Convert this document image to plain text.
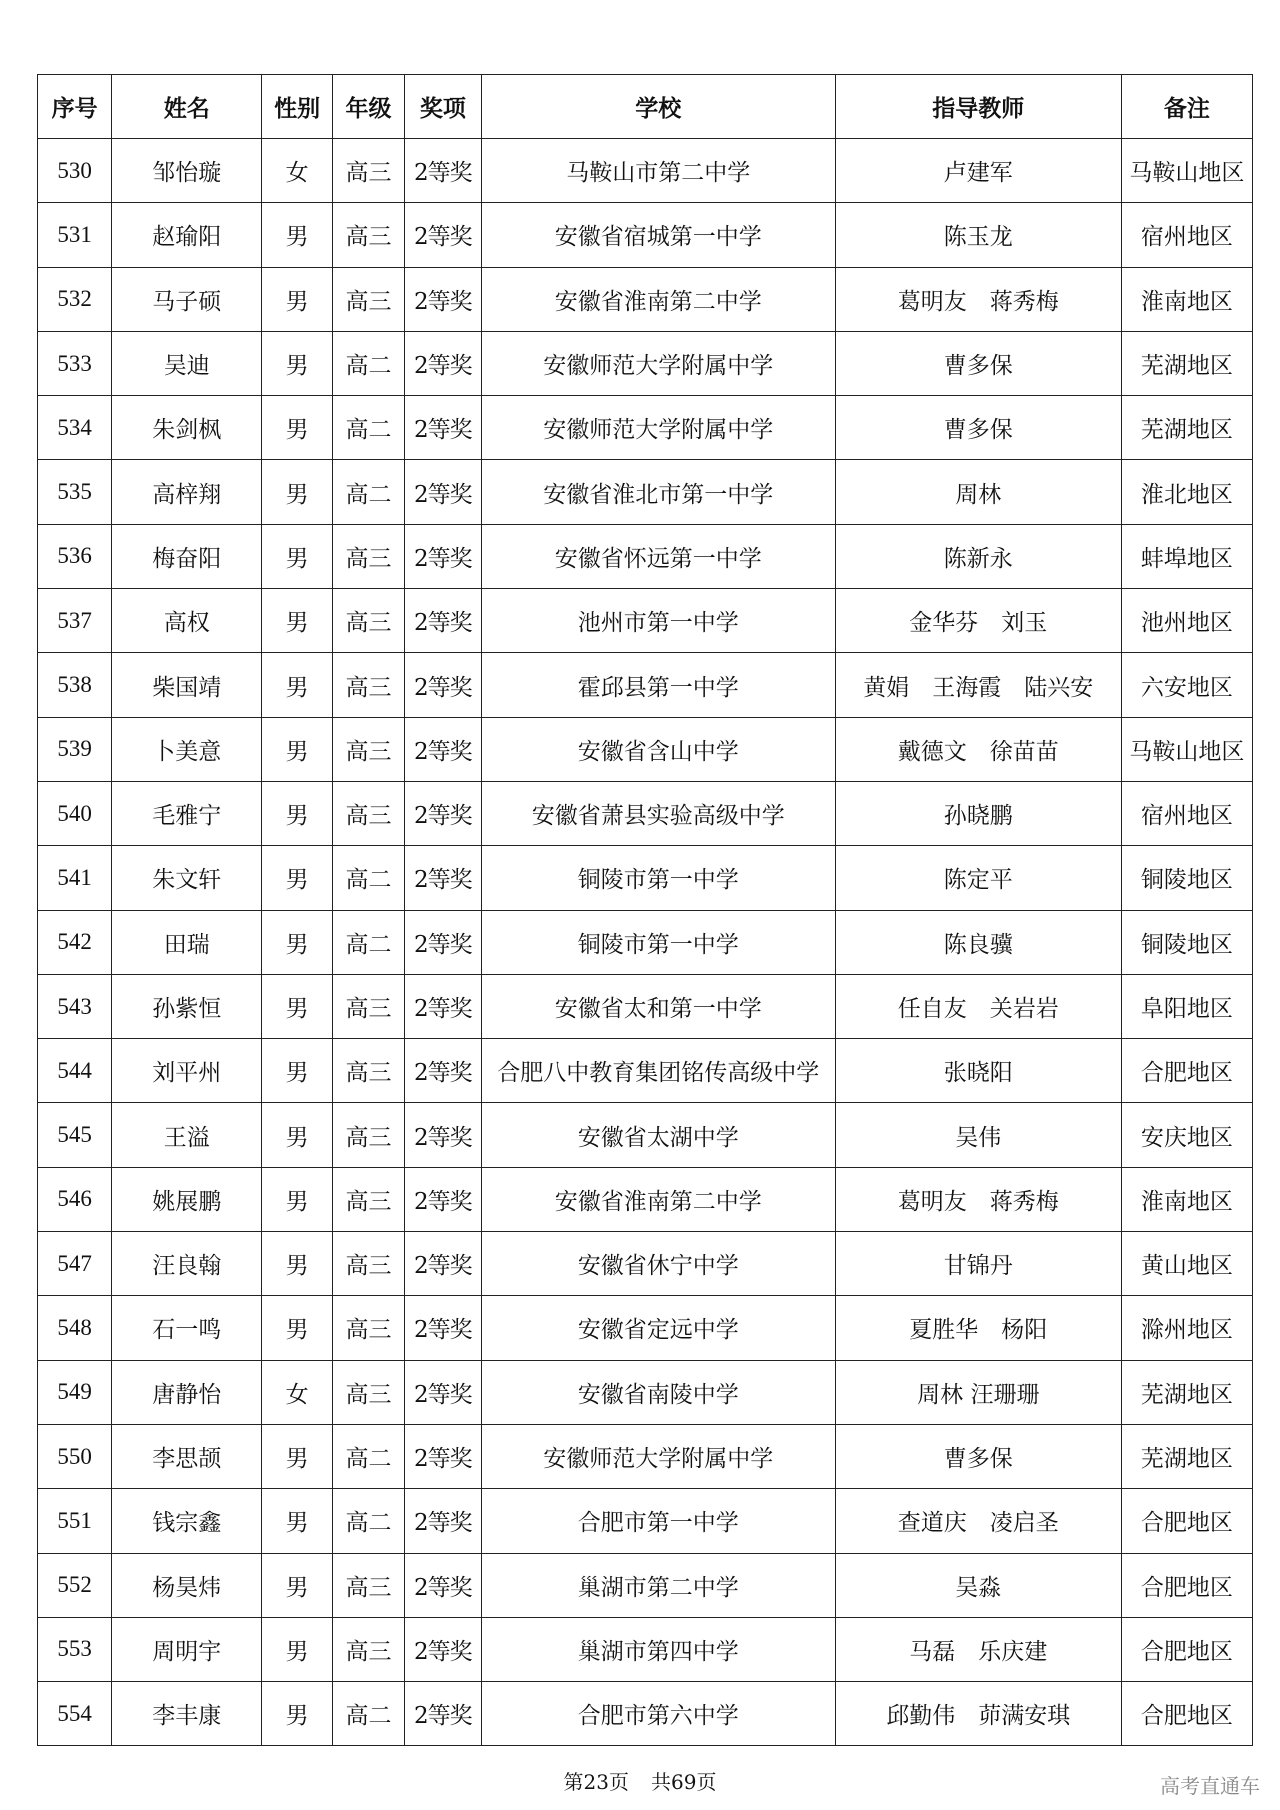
序号	姓名	性别	年级	奖项	学校	指导教师	备注
530	邹怡璇	女	高三	2等奖	马鞍山市第二中学	卢建军	马鞍山地区
531	赵瑜阳	男	高三	2等奖	安徽省宿城第一中学	陈玉龙	宿州地区
532	马子硕	男	高三	2等奖	安徽省淮南第二中学	葛明友　蒋秀梅	淮南地区
533	吴迪	男	高二	2等奖	安徽师范大学附属中学	曹多保	芜湖地区
534	朱剑枫	男	高二	2等奖	安徽师范大学附属中学	曹多保	芜湖地区
535	高梓翔	男	高二	2等奖	安徽省淮北市第一中学	周林	淮北地区
536	梅奋阳	男	高三	2等奖	安徽省怀远第一中学	陈新永	蚌埠地区
537	高权	男	高三	2等奖	池州市第一中学	金华芬　刘玉	池州地区
538	柴国靖	男	高三	2等奖	霍邱县第一中学	黄娟　王海霞　陆兴安	六安地区
539	卜美意	男	高三	2等奖	安徽省含山中学	戴德文　徐苗苗	马鞍山地区
540	毛雅宁	男	高三	2等奖	安徽省萧县实验高级中学	孙晓鹏	宿州地区
541	朱文轩	男	高二	2等奖	铜陵市第一中学	陈定平	铜陵地区
542	田瑞	男	高二	2等奖	铜陵市第一中学	陈良骥	铜陵地区
543	孙紫恒	男	高三	2等奖	安徽省太和第一中学	任自友　关岩岩	阜阳地区
544	刘平州	男	高三	2等奖	合肥八中教育集团铭传高级中学	张晓阳	合肥地区
545	王溢	男	高三	2等奖	安徽省太湖中学	吴伟	安庆地区
546	姚展鹏	男	高三	2等奖	安徽省淮南第二中学	葛明友　蒋秀梅	淮南地区
547	汪良翰	男	高三	2等奖	安徽省休宁中学	甘锦丹	黄山地区
548	石一鸣	男	高三	2等奖	安徽省定远中学	夏胜华　杨阳	滁州地区
549	唐静怡	女	高三	2等奖	安徽省南陵中学	周林 汪珊珊	芜湖地区
550	李思颉	男	高二	2等奖	安徽师范大学附属中学	曹多保	芜湖地区
551	钱宗鑫	男	高二	2等奖	合肥市第一中学	查道庆　凌启圣	合肥地区
552	杨昊炜	男	高三	2等奖	巢湖市第二中学	吴淼	合肥地区
553	周明宇	男	高三	2等奖	巢湖市第四中学	马磊　乐庆建	合肥地区
554	李丰康	男	高二	2等奖	合肥市第六中学	邱勤伟　茆满安琪	合肥地区
第23页 共69页	高考直通车
